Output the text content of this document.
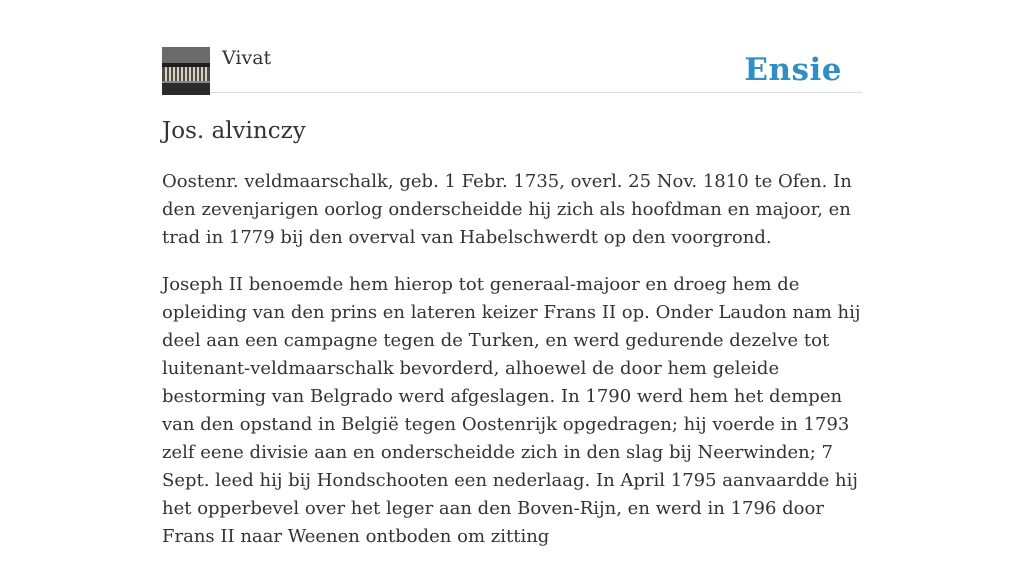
Vivat	Ensie
Jos. alvinczy

Oostenr. veldmaarschalk, geb. 1 Febr. 1735, overl. 25 Nov. 1810 te Ofen. In den zevenjarigen oorlog onderscheidde hij zich als hoofdman en majoor, en trad in 1779 bij den overval van Habelschwerdt op den voorgrond.

Joseph II benoemde hem hierop tot generaal-majoor en droeg hem de opleiding van den prins en lateren keizer Frans II op. Onder Laudon nam hij deel aan een campagne tegen de Turken, en werd gedurende dezelve tot luitenant-veldmaarschalk bevorderd, alhoewel de door hem geleide bestorming van Belgrado werd afgeslagen. In 1790 werd hem het dempen van den opstand in België tegen Oostenrijk opgedragen; hij voerde in 1793 zelf eene divisie aan en onderscheidde zich in den slag bij Neerwinden; 7 Sept. leed hij bij Hondschooten een nederlaag. In April 1795 aanvaardde hij het opperbevel over het leger aan den Boven-Rijn, en werd in 1796 door Frans II naar Weenen ontboden om zitting
